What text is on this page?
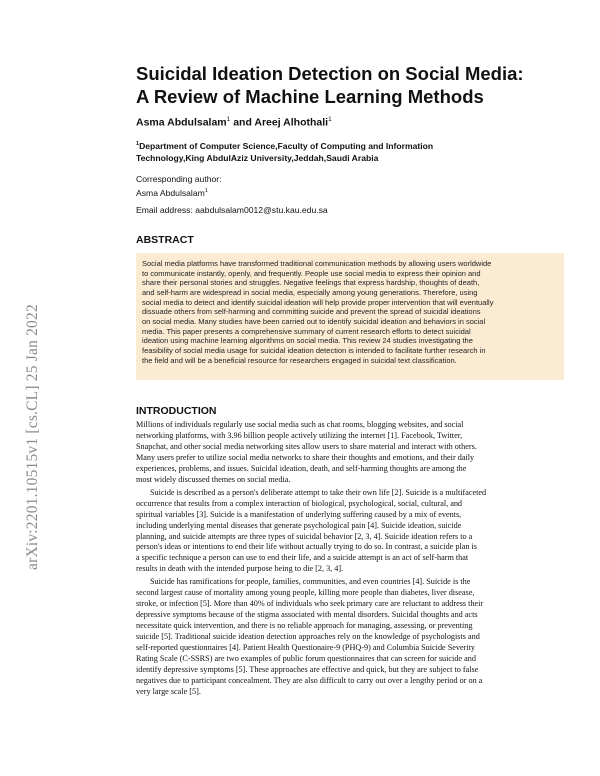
arXiv:2201.10515v1 [cs.CL] 25 Jan 2022
Suicidal Ideation Detection on Social Media:
A Review of Machine Learning Methods
Asma Abdulsalam$^1$ and Areej Alhothali$^1$
$^1$Department of Computer Science,Faculty of Computing and Information
Technology,King AbdulAziz University,Jeddah,Saudi Arabia
Corresponding author:
Asma Abdulsalam$^1$
Email address: aabdulsalam0012@stu.kau.edu.sa
ABSTRACT
Social media platforms have transformed traditional communication methods by allowing users worldwide
to communicate instantly, openly, and frequently. People use social media to express their opinion and
share their personal stories and struggles. Negative feelings that express hardship, thoughts of death,
and self-harm are widespread in social media, especially among young generations. Therefore, using
social media to detect and identify suicidal ideation will help provide proper intervention that will eventually
dissuade others from self-harming and committing suicide and prevent the spread of suicidal ideations
on social media. Many studies have been carried out to identify suicidal ideation and behaviors in social
media. This paper presents a comprehensive summary of current research efforts to detect suicidal
ideation using machine learning algorithms on social media. This review 24 studies investigating the
feasibility of social media usage for suicidal ideation detection is intended to facilitate further research in
the field and will be a beneficial resource for researchers engaged in suicidal text classification.
INTRODUCTION
Millions of individuals regularly use social media such as chat rooms, blogging websites, and social
networking platforms, with 3.96 billion people actively utilizing the internet [1]. Facebook, Twitter,
Snapchat, and other social media networking sites allow users to share material and interact with others.
Many users prefer to utilize social media networks to share their thoughts and emotions, and their daily
experiences, problems, and issues. Suicidal ideation, death, and self-harming thoughts are among the
most widely discussed themes on social media.
Suicide is described as a person's deliberate attempt to take their own life [2]. Suicide is a multifaceted
occurrence that results from a complex interaction of biological, psychological, social, cultural, and
spiritual variables [3]. Suicide is a manifestation of underlying suffering caused by a mix of events,
including underlying mental diseases that generate psychological pain [4]. Suicide ideation, suicide
planning, and suicide attempts are three types of suicidal behavior [2, 3, 4]. Suicide ideation refers to a
person's ideas or intentions to end their life without actually trying to do so. In contrast, a suicide plan is
a specific technique a person can use to end their life, and a suicide attempt is an act of self-harm that
results in death with the intended purpose being to die [2, 3, 4].
Suicide has ramifications for people, families, communities, and even countries [4]. Suicide is the
second largest cause of mortality among young people, killing more people than diabetes, liver disease,
stroke, or infection [5]. More than 40% of individuals who seek primary care are reluctant to address their
depressive symptoms because of the stigma associated with mental disorders. Suicidal thoughts and acts
necessitate quick intervention, and there is no reliable approach for managing, assessing, or preventing
suicide [5]. Traditional suicide ideation detection approaches rely on the knowledge of psychologists and
self-reported questionnaires [4]. Patient Health Questionaire-9 (PHQ-9) and Columbia Suicide Severity
Rating Scale (C-SSRS) are two examples of public forum questionnaires that can screen for suicide and
identify depressive symptoms [5]. These approaches are effective and quick, but they are subject to false
negatives due to participant concealment. They are also difficult to carry out over a lengthy period or on a
very large scale [5].
